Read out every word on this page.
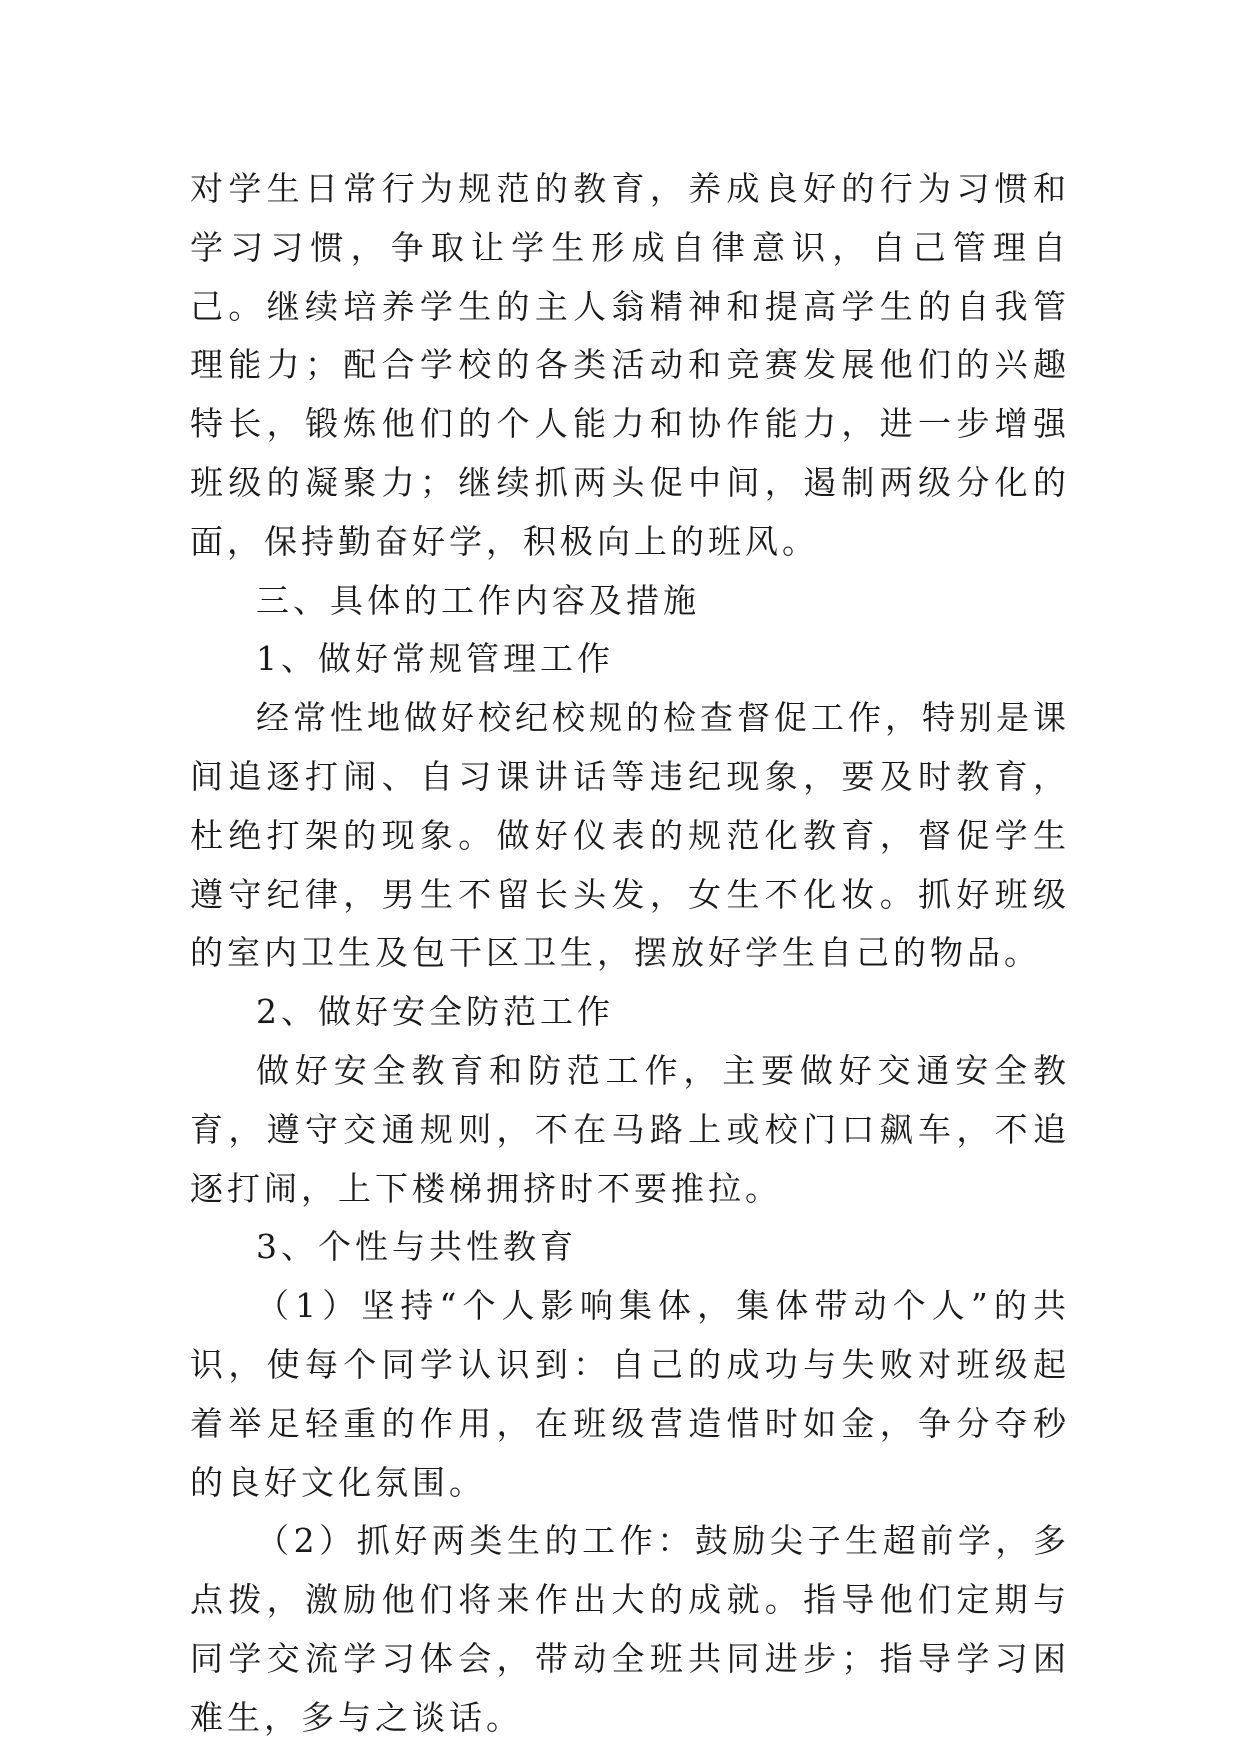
对学生日常行为规范的教育，养成良好的行为习惯和学习习惯，争取让学生形成自律意识，自己管理自己。继续培养学生的主人翁精神和提高学生的自我管理能力；配合学校的各类活动和竞赛发展他们的兴趣特长，锻炼他们的个人能力和协作能力，进一步增强班级的凝聚力；继续抓两头促中间，遏制两级分化的面，保持勤奋好学，积极向上的班风。

三、具体的工作内容及措施

1、做好常规管理工作

经常性地做好校纪校规的检查督促工作，特别是课间追逐打闹、自习课讲话等违纪现象，要及时教育，杜绝打架的现象。做好仪表的规范化教育，督促学生遵守纪律，男生不留长头发，女生不化妆。抓好班级的室内卫生及包干区卫生，摆放好学生自己的物品。

2、做好安全防范工作

做好安全教育和防范工作，主要做好交通安全教育，遵守交通规则，不在马路上或校门口飙车，不追逐打闹，上下楼梯拥挤时不要推拉。

3、个性与共性教育

（1）坚持“个人影响集体，集体带动个人”的共识，使每个同学认识到：自己的成功与失败对班级起着举足轻重的作用，在班级营造惜时如金，争分夺秒的良好文化氛围。

（2）抓好两类生的工作：鼓励尖子生超前学，多点拨，激励他们将来作出大的成就。指导他们定期与同学交流学习体会，带动全班共同进步；指导学习困难生，多与之谈话。
